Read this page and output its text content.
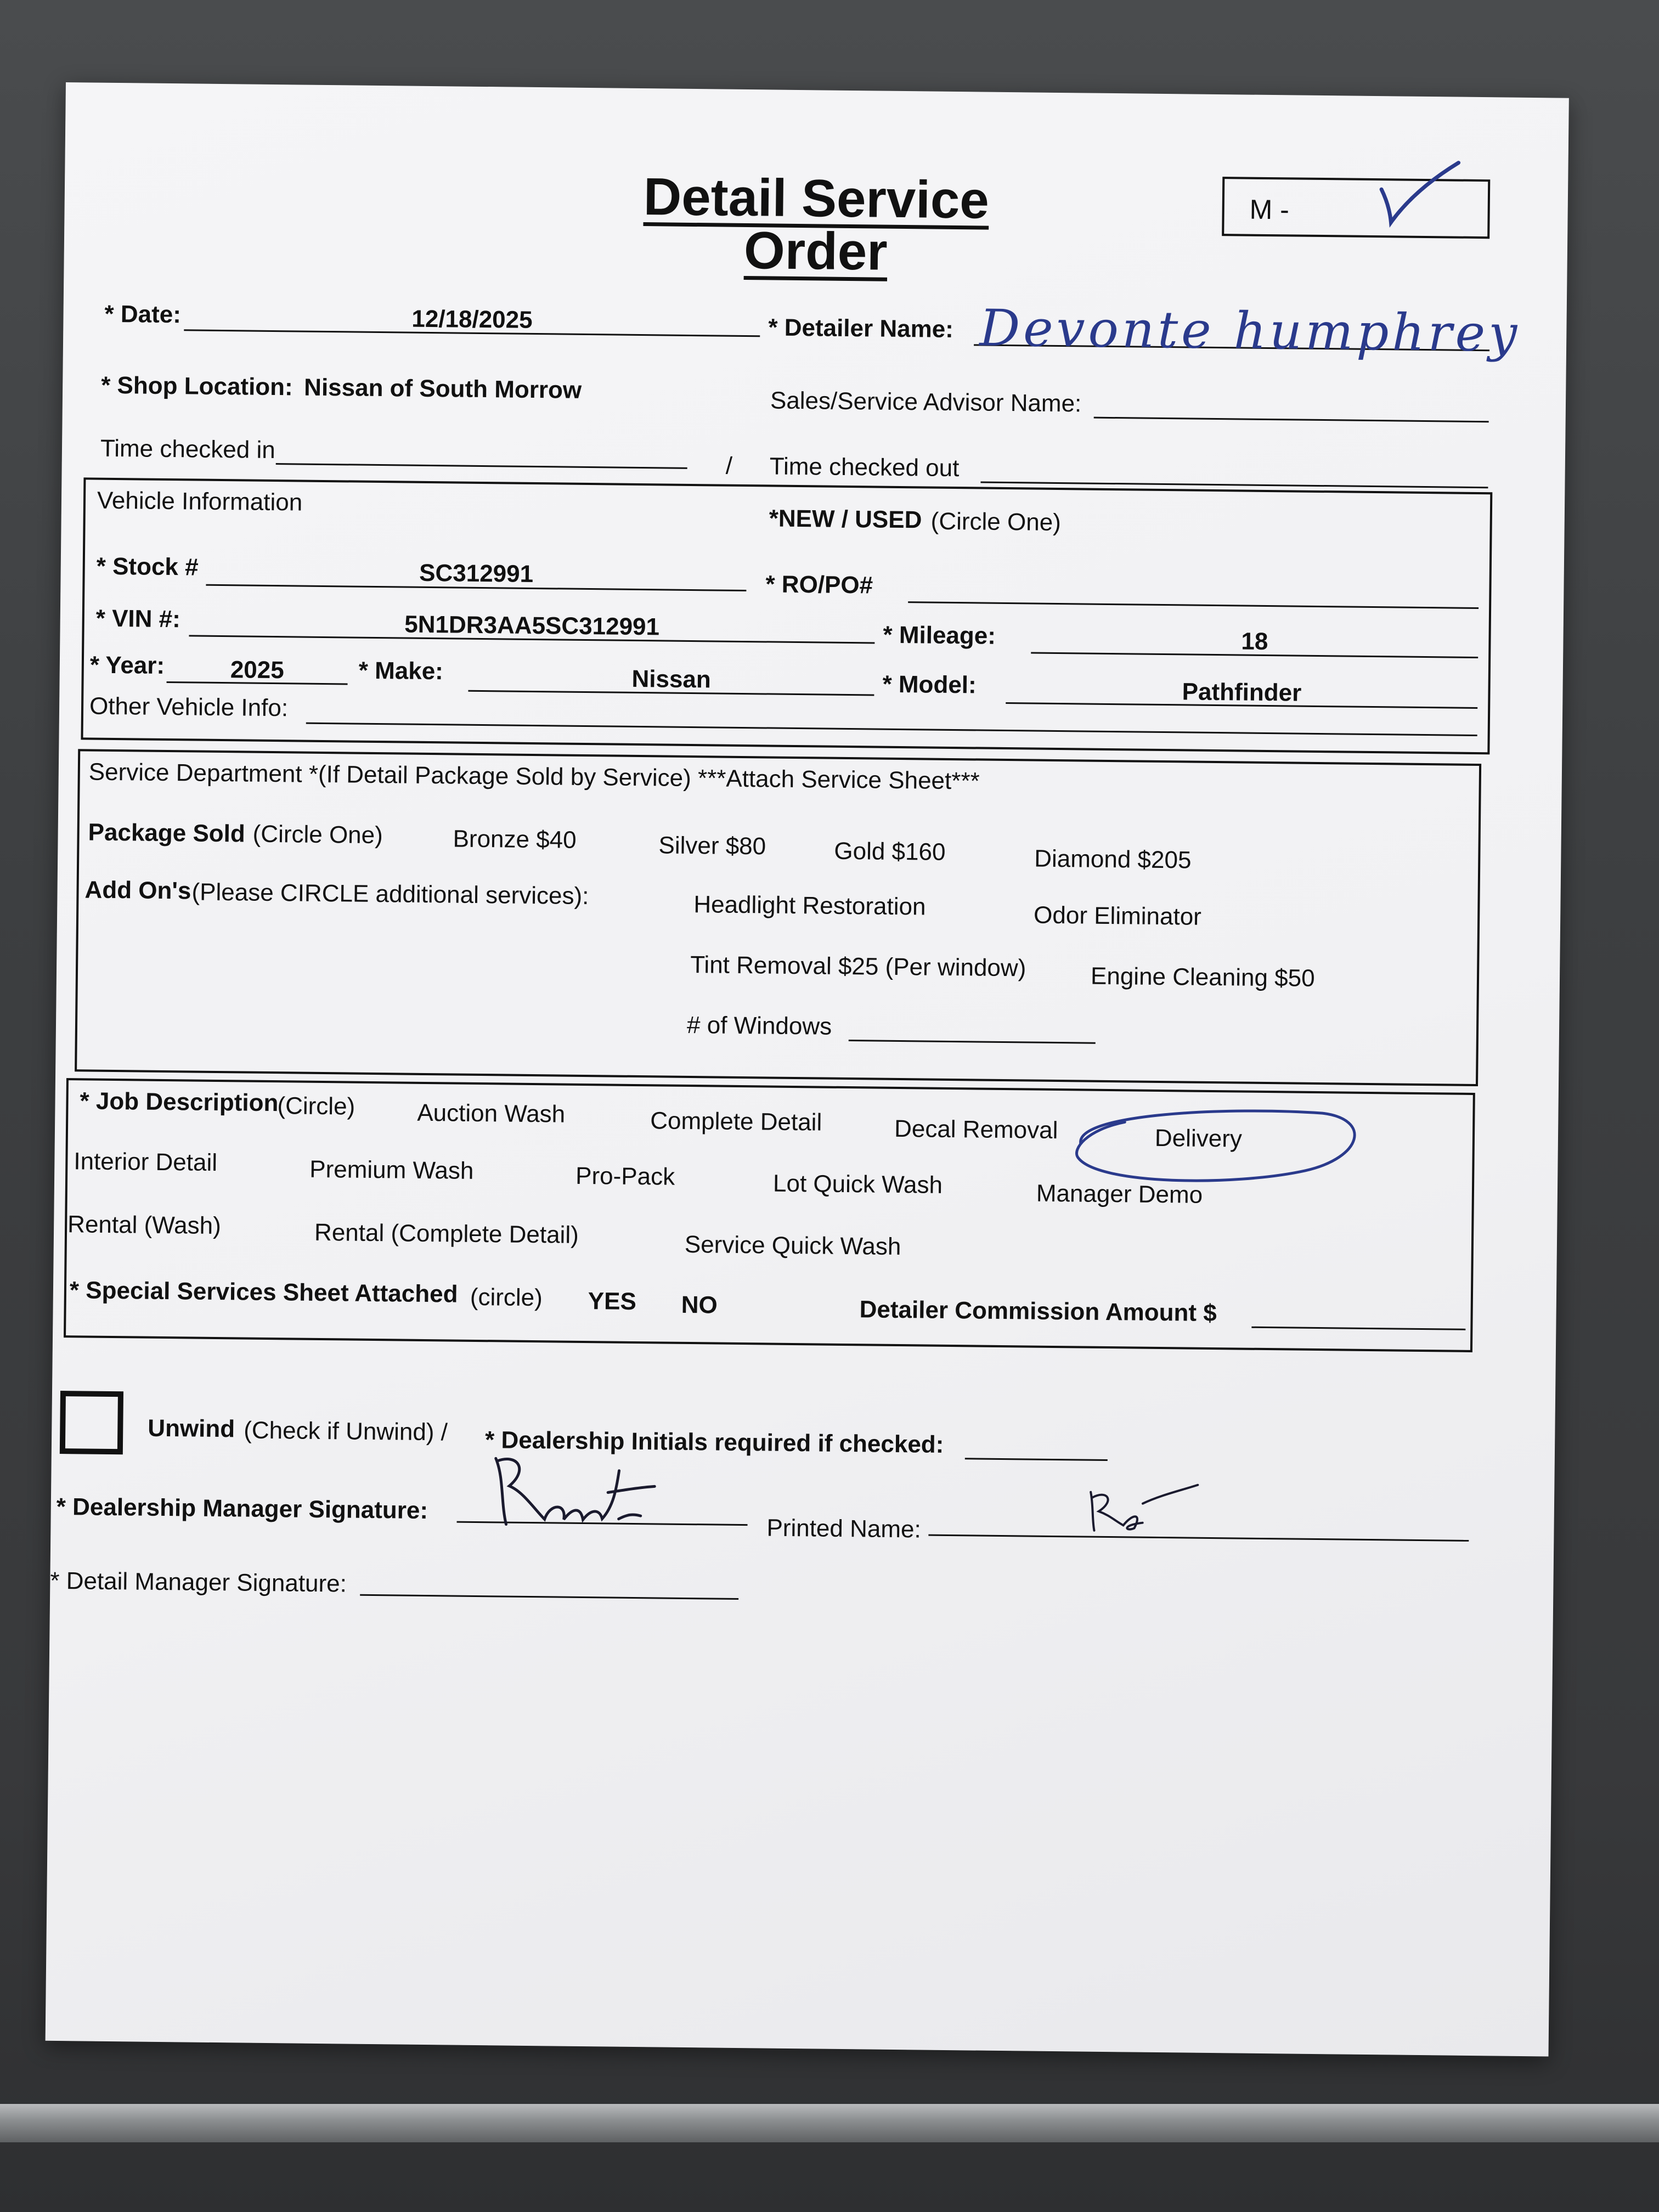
Detail Service Order
M -
* Date:	12/18/2025	* Detailer Name: Devonte humphrey
* Shop Location: Nissan of South Morrow	Sales/Service Advisor Name:
Time checked in
/ Time checked out
Vehicle Information
*NEW / USED (Circle One)
* Stock #	SC312991	* RO/PO#
* VIN #:	5N1DR3AA5SC312991	* Mileage:	18
* Year:	2025	* Make:	Nissan	* Model:	Pathfinder
Other Vehicle Info:
Service Department *(If Detail Package Sold by Service) ***Attach Service Sheet***
Package Sold (Circle One)	Bronze $40	Silver $80	Gold $160	Diamond $205
Add On's (Please CIRCLE additional services):	Headlight Restoration	Odor Eliminator
Tint Removal $25 (Per window)	Engine Cleaning $50
# of Windows
* Job Description
(Circle)	Auction Wash	Complete Detail	Decal Removal	Delivery
Interior Detail	Premium Wash	Pro-Pack	Lot Quick Wash	Manager Demo
Rental (Wash)	Rental (Complete Detail)	Service Quick Wash
* Special Services Sheet Attached (circle) YES NO	Detailer Commission Amount $
Unwind (Check if Unwind) / * Dealership Initials required if checked:
* Dealership Manager Signature:
Printed Name:
* Detail Manager Signature:
